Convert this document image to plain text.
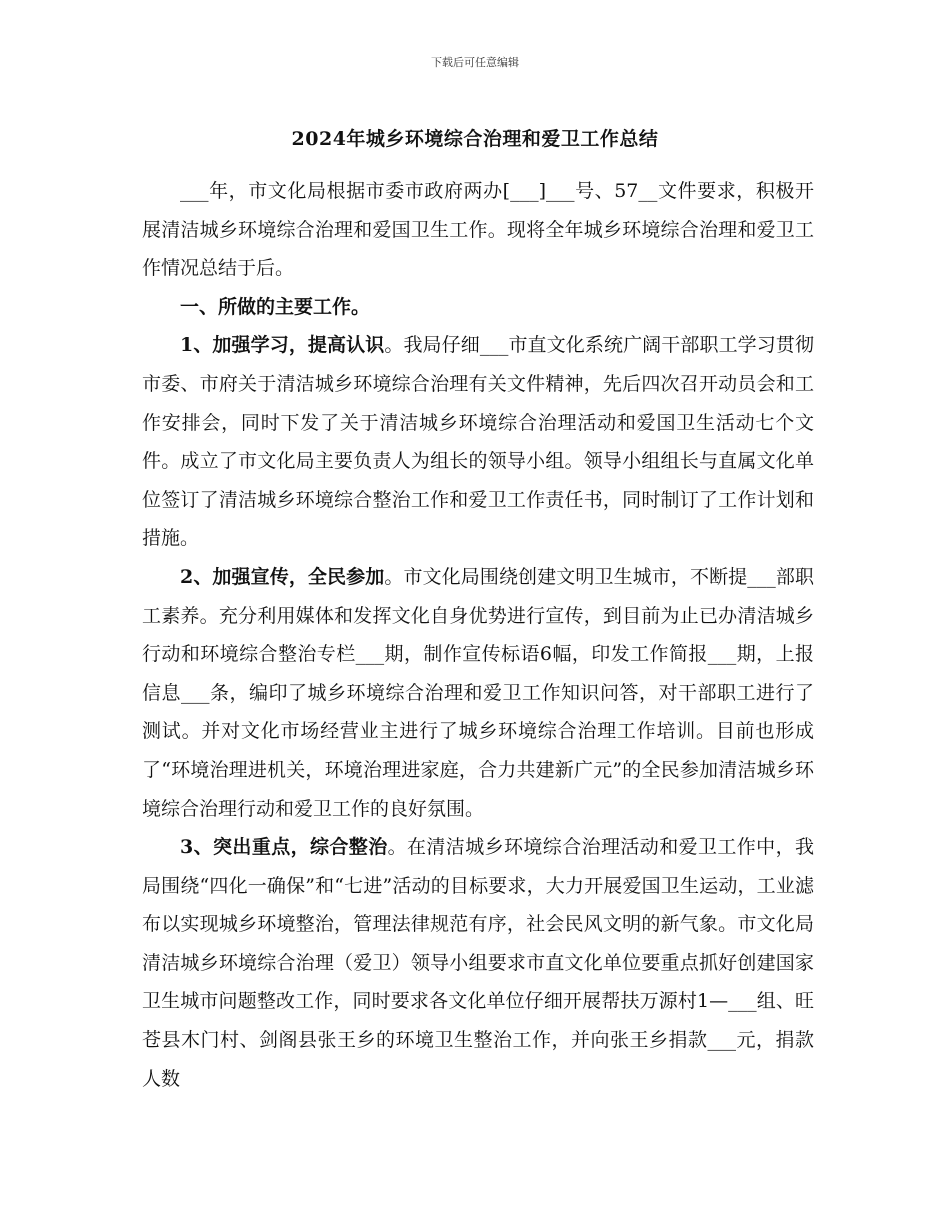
下载后可任意编辑
2024年城乡环境综合治理和爱卫工作总结

___年，市文化局根据市委市政府两办[___]___号、57__文件要求，积极开展清洁城乡环境综合治理和爱国卫生工作。现将全年城乡环境综合治理和爱卫工作情况总结于后。

一、所做的主要工作。

1、加强学习，提高认识。我局仔细___市直文化系统广阔干部职工学习贯彻市委、市府关于清洁城乡环境综合治理有关文件精神，先后四次召开动员会和工作安排会，同时下发了关于清洁城乡环境综合治理活动和爱国卫生活动七个文件。成立了市文化局主要负责人为组长的领导小组。领导小组组长与直属文化单位签订了清洁城乡环境综合整治工作和爱卫工作责任书，同时制订了工作计划和措施。

2、加强宣传，全民参加。市文化局围绕创建文明卫生城市，不断提___部职工素养。充分利用媒体和发挥文化自身优势进行宣传，到目前为止已办清洁城乡行动和环境综合整治专栏___期，制作宣传标语6幅，印发工作简报___期，上报信息___条，编印了城乡环境综合治理和爱卫工作知识问答，对干部职工进行了测试。并对文化市场经营业主进行了城乡环境综合治理工作培训。目前也形成了“环境治理进机关，环境治理进家庭，合力共建新广元”的全民参加清洁城乡环境综合治理行动和爱卫工作的良好氛围。

3、突出重点，综合整治。在清洁城乡环境综合治理活动和爱卫工作中，我局围绕“四化一确保”和“七进”活动的目标要求，大力开展爱国卫生运动，工业滤布以实现城乡环境整治，管理法律规范有序，社会民风文明的新气象。市文化局清洁城乡环境综合治理（爱卫）领导小组要求市直文化单位要重点抓好创建国家卫生城市问题整改工作，同时要求各文化单位仔细开展帮扶万源村1—___组、旺苍县木门村、剑阁县张王乡的环境卫生整治工作，并向张王乡捐款___元，捐款人数
